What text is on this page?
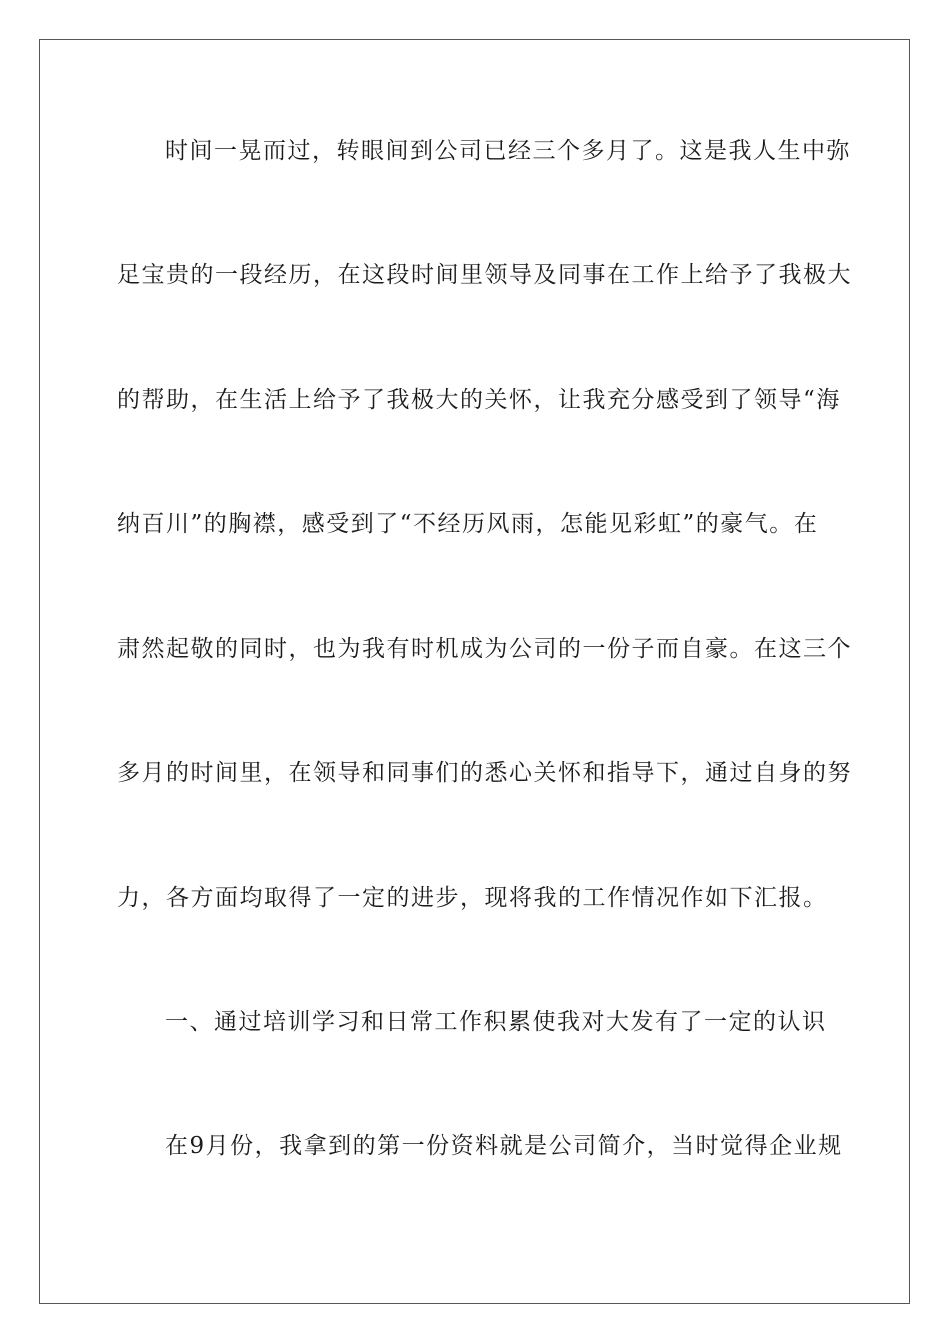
时间一晃而过，转眼间到公司已经三个多月了。这是我人生中弥
足宝贵的一段经历，在这段时间里领导及同事在工作上给予了我极大
的帮助，在生活上给予了我极大的关怀，让我充分感受到了领导“海
纳百川”的胸襟，感受到了“不经历风雨，怎能见彩虹”的豪气。在
肃然起敬的同时，也为我有时机成为公司的一份子而自豪。在这三个
多月的时间里，在领导和同事们的悉心关怀和指导下，通过自身的努
力，各方面均取得了一定的进步，现将我的工作情况作如下汇报。
一、通过培训学习和日常工作积累使我对大发有了一定的认识
在9月份，我拿到的第一份资料就是公司简介，当时觉得企业规
